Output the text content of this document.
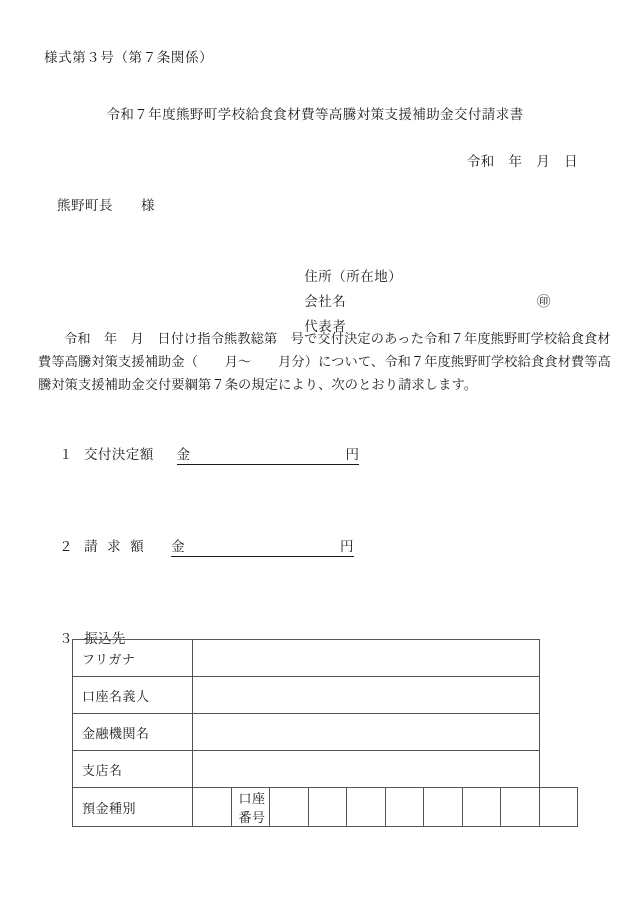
様式第３号（第７条関係）
令和７年度熊野町学校給食食材費等高騰対策支援補助金交付請求書
令和　年　月　日
熊野町長　　様

住所（所在地）

会社名

代表者

㊞

令和　年　月　日付け指令熊教総第　号で交付決定のあった令和７年度熊野町学校給食食材
費等高騰対策支援補助金（　　月～　　月分）について、令和７年度熊野町学校給食食材費等高
騰対策支援補助金交付要綱第７条の規定により、次のとおり請求します。

１ 交付決定額 金	円

２ 請求額 金	円

３ 振込先

フリガナ										
口座名義人										
金融機関名										
支店名										
預金種別		口座番号								
